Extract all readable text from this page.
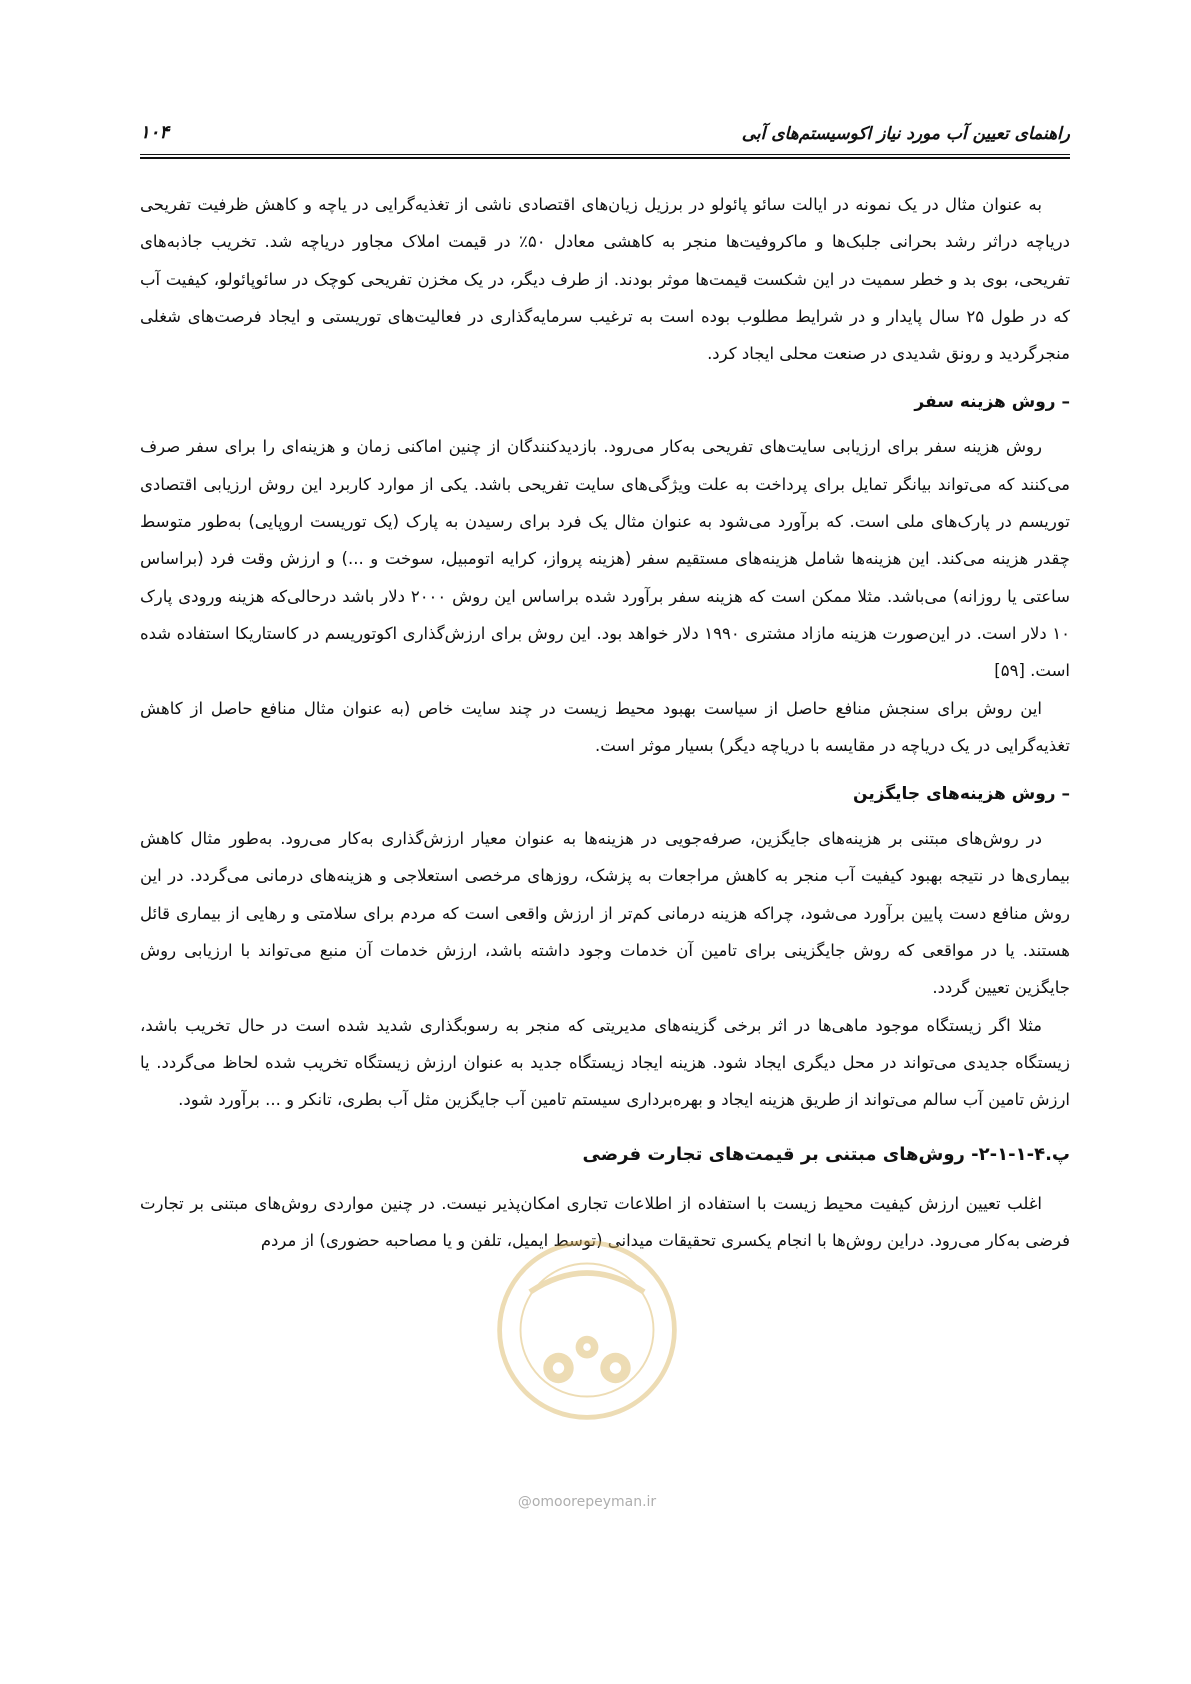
راهنمای تعیین آب مورد نیاز اکوسیستم‌های آبی
۱۰۴

به عنوان مثال در یک نمونه در ایالت سائو پائولو در برزیل زیان‌های اقتصادی ناشی از تغذیه‌گرایی در یاچه و کاهش ظرفیت تفریحی دریاچه دراثر رشد بحرانی جلبک‌ها و ماکروفیت‌ها منجر به کاهشی معادل ۵۰٪ در قیمت املاک مجاور دریاچه شد. تخریب جاذبه‌های تفریحی، بوی بد و خطر سمیت در این شکست قیمت‌ها موثر بودند. از طرف دیگر، در یک مخزن تفریحی کوچک در سائوپائولو، کیفیت آب که در طول ۲۵ سال پایدار و در شرایط مطلوب بوده است به ترغیب سرمایه‌گذاری در فعالیت‌های توریستی و ایجاد فرصت‌های شغلی منجرگردید و رونق شدیدی در صنعت محلی ایجاد کرد.

– روش هزینه سفر

روش هزینه سفر برای ارزیابی سایت‌های تفریحی به‌کار می‌رود. بازدیدکنندگان از چنین اماکنی زمان و هزینه‌ای را برای سفر صرف می‌کنند که می‌تواند بیانگر تمایل برای پرداخت به علت ویژگی‌های سایت تفریحی باشد. یکی از موارد کاربرد این روش ارزیابی اقتصادی توریسم در پارک‌های ملی است. که برآورد می‌شود به عنوان مثال یک فرد برای رسیدن به پارک (یک توریست اروپایی) به‌طور متوسط چقدر هزینه می‌کند. این هزینه‌ها شامل هزینه‌های مستقیم سفر (هزینه پرواز، کرایه اتومبیل، سوخت و ...) و ارزش وقت فرد (براساس ساعتی یا روزانه) می‌باشد. مثلا ممکن است که هزینه سفر برآورد شده براساس این روش ۲۰۰۰ دلار باشد درحالی‌که هزینه ورودی پارک ۱۰ دلار است. در این‌صورت هزینه مازاد مشتری ۱۹۹۰ دلار خواهد بود. این روش برای ارزش‌گذاری اکوتوریسم در کاستاریکا استفاده شده است. [۵۹]

این روش برای سنجش منافع حاصل از سیاست بهبود محیط زیست در چند سایت خاص (به عنوان مثال منافع حاصل از کاهش تغذیه‌گرایی در یک دریاچه در مقایسه با دریاچه دیگر) بسیار موثر است.

– روش هزینه‌های جایگزین

در روش‌های مبتنی بر هزینه‌های جایگزین، صرفه‌جویی در هزینه‌ها به عنوان معیار ارزش‌گذاری به‌کار می‌رود. به‌طور مثال کاهش بیماری‌ها در نتیجه بهبود کیفیت آب منجر به کاهش مراجعات به پزشک، روزهای مرخصی استعلاجی و هزینه‌های درمانی می‌گردد. در این روش منافع دست پایین برآورد می‌شود، چراکه هزینه درمانی کم‌تر از ارزش واقعی است که مردم برای سلامتی و رهایی از بیماری قائل هستند. یا در مواقعی که روش جایگزینی برای تامین آن خدمات وجود داشته باشد، ارزش خدمات آن منبع می‌تواند با ارزیابی روش جایگزین تعیین گردد.

مثلا اگر زیستگاه موجود ماهی‌ها در اثر برخی گزینه‌های مدیریتی که منجر به رسوبگذاری شدید شده است در حال تخریب باشد، زیستگاه جدیدی می‌تواند در محل دیگری ایجاد شود. هزینه ایجاد زیستگاه جدید به عنوان ارزش زیستگاه تخریب شده لحاظ می‌گردد. یا ارزش تامین آب سالم می‌تواند از طریق هزینه ایجاد و بهره‌برداری سیستم تامین آب جایگزین مثل آب بطری، تانکر و ... برآورد شود.

پ.۴-۱-۱-۲- روش‌های مبتنی بر قیمت‌های تجارت فرضی

اغلب تعیین ارزش کیفیت محیط زیست با استفاده از اطلاعات تجاری امکان‌پذیر نیست. در چنین مواردی روش‌های مبتنی بر تجارت فرضی به‌کار می‌رود. دراین روش‌ها با انجام یکسری تحقیقات میدانی (توسط ایمیل، تلفن و یا مصاحبه حضوری) از مردم

@omoorepeyman.ir
